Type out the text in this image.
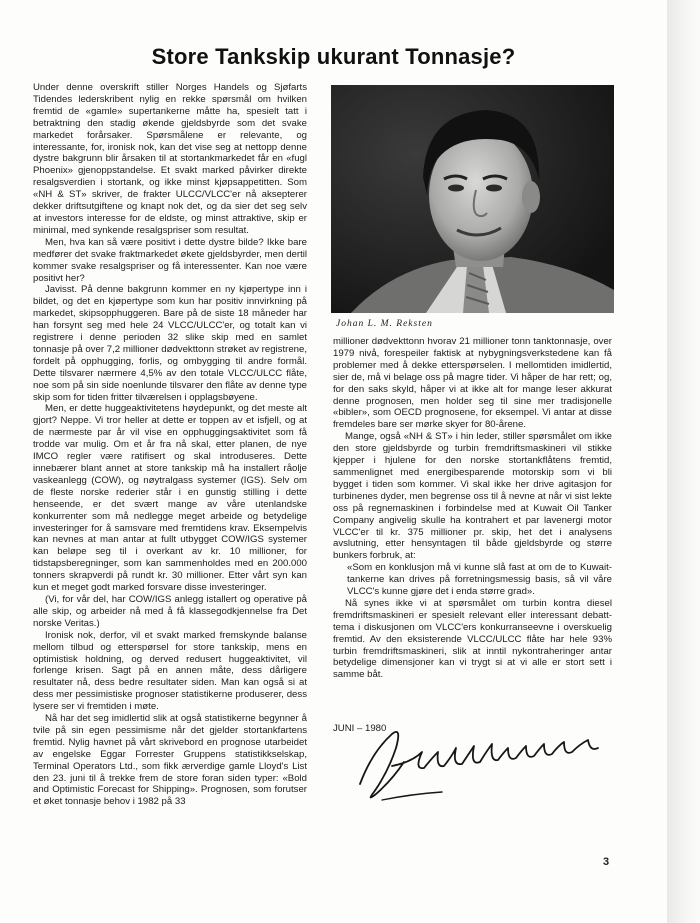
Store Tankskip ukurant Tonnasje?

Under denne overskrift stiller Norges Handels og Sjøfarts Tidendes lederskribent nylig en rekke spørsmål om hvilken fremtid de «gamle» supertankerne måtte ha, spesielt tatt i betraktning den stadig økende gjeldsbyrde som det svake markedet forårsaker. Spørsmålene er relevante, og interessante, for, ironisk nok, kan det vise seg at nettopp denne dystre bakgrunn blir årsaken til at stortankmarkedet får en «fugl Phoenix» gjenoppstandelse. Et svakt marked påvirker direkte resalgsverdien i stortank, og ikke minst kjøpsappetitten. Som «NH & ST» skriver, de frakter ULCC/VLCC'er nå aksepterer dekker driftsutgiftene og knapt nok det, og da sier det seg selv at investors interesse for de eldste, og minst attraktive, skip er minimal, med synkende resalgspriser som resultat.

Men, hva kan så være positivt i dette dystre bilde? Ikke bare medfører det svake fraktmarkedet økete gjeldsbyrder, men dertil kommer svake resalgspriser og få interessenter. Kan noe være positivt her?

Javisst. På denne bakgrunn kommer en ny kjøpertype inn i bildet, og det en kjøpertype som kun har positiv innvirkning på markedet, skipsopphuggeren. Bare på de siste 18 måneder har han forsynt seg med hele 24 VLCC/ULCC'er, og totalt kan vi registrere i denne perioden 32 slike skip med en samlet tonnasje på over 7,2 millioner dødvekttonn strøket av registrene, fordelt på opphugging, forlis, og ombygging til andre formål. Dette tilsvarer nærmere 4,5% av den totale VLCC/ULCC flåte, noe som på sin side noenlunde tilsvarer den flåte av denne type skip som for tiden fritter tilværelsen i opplagsbøyene.

Men, er dette huggeaktivitetens høydepunkt, og det meste alt gjort? Neppe. Vi tror heller at dette er toppen av et isfjell, og at de nærmeste par år vil vise en opphuggingsaktivitet som få trodde var mulig. Om et år fra nå skal, etter planen, de nye IMCO regler være ratifisert og skal introduseres. Dette innebærer blant annet at store tankskip må ha installert råolje vaskeanlegg (COW), og nøytralgass systemer (IGS). Selv om de fleste norske rederier står i en gunstig stilling i dette henseende, er det svært mange av våre utenlandske konkurrenter som må nedlegge meget arbeide og betydelige investeringer for å samsvare med fremtidens krav. Eksempelvis kan nevnes at man antar at fullt utbygget COW/IGS systemer kan beløpe seg til i overkant av kr. 10 millioner, for tidstapsberegninger, som kan sammenholdes med en 200.000 tonners skrapverdi på rundt kr. 30 millioner. Etter vårt syn kan kun et meget godt marked forsvare disse investeringer.

(Vi, for vår del, har COW/IGS anlegg istallert og operative på alle skip, og arbeider nå med å få klassegodkjennelse fra Det norske Veritas.)

Ironisk nok, derfor, vil et svakt marked fremskynde balanse mellom tilbud og etterspørsel for store tankskip, mens en optimistisk holdning, og derved redusert huggeaktivitet, vil forlenge krisen. Sagt på en annen måte, dess dårligere resultater nå, dess bedre resultater siden. Man kan også si at dess mer pessimistiske prognoser statistikerne produserer, dess lysere ser vi fremtiden i møte.

Nå har det seg imidlertid slik at også statistikerne begynner å tvile på sin egen pessimisme når det gjelder stortankfartens fremtid. Nylig havnet på vårt skrivebord en prognose utarbeidet av engelske Eggar Forrester Gruppens statistikkselskap, Terminal Operators Ltd., som fikk ærverdige gamle Lloyd's List den 23. juni til å trekke frem de store foran siden typer: «Bold and Optimistic Forecast for Shipping». Prognosen, som forutser et øket tonnasje behov i 1982 på 33

Johan L. M. Reksten

millioner dødvekttonn hvorav 21 millioner tonn tanktonnasje, over 1979 nivå, forespeiler faktisk at nybygningsverkstedene kan få problemer med å dekke etterspørselen. I mellomtiden imidlertid, sier de, må vi belage oss på magre tider. Vi håper de har rett; og, for den saks skyld, håper vi at ikke alt for mange leser akkurat denne prognosen, men holder seg til sine mer tradisjonelle «bibler», som OECD prognosene, for eksempel. Vi antar at disse fremdeles bare ser mørke skyer for 80-årene.

Mange, også «NH & ST» i hin leder, stiller spørsmålet om ikke den store gjeldsbyrde og turbin fremdriftsmaskineri vil stikke kjepper i hjulene for den norske stortankflåtens fremtid, sammenlignet med energibesparende motorskip som vi bli bygget i tiden som kommer. Vi skal ikke her drive agitasjon for turbinenes dyder, men begrense oss til å nevne at når vi sist lekte oss på regnemaskinen i forbindelse med at Kuwait Oil Tanker Company angivelig skulle ha kontrahert et par lavenergi motor VLCC'er til kr. 375 millioner pr. skip, het det i analysens avslutning, etter hensyntagen til både gjeldsbyrde og større bunkers forbruk, at:

«Som en konklusjon må vi kunne slå fast at om de to Kuwait-tankerne kan drives på forretningsmessig basis, så vil våre VLCC's kunne gjøre det i enda større grad».

Nå synes ikke vi at spørsmålet om turbin kontra diesel fremdriftsmaskineri er spesielt relevant eller interessant debatt-tema i diskusjonen om VLCC'ers konkurranseevne i overskuelig fremtid. Av den eksisterende VLCC/ULCC flåte har hele 93% turbin fremdriftsmaskineri, slik at inntil nykontraheringer antar betydelige dimensjoner kan vi trygt si at vi alle er stort sett i samme båt.

JUNI – 1980
3
